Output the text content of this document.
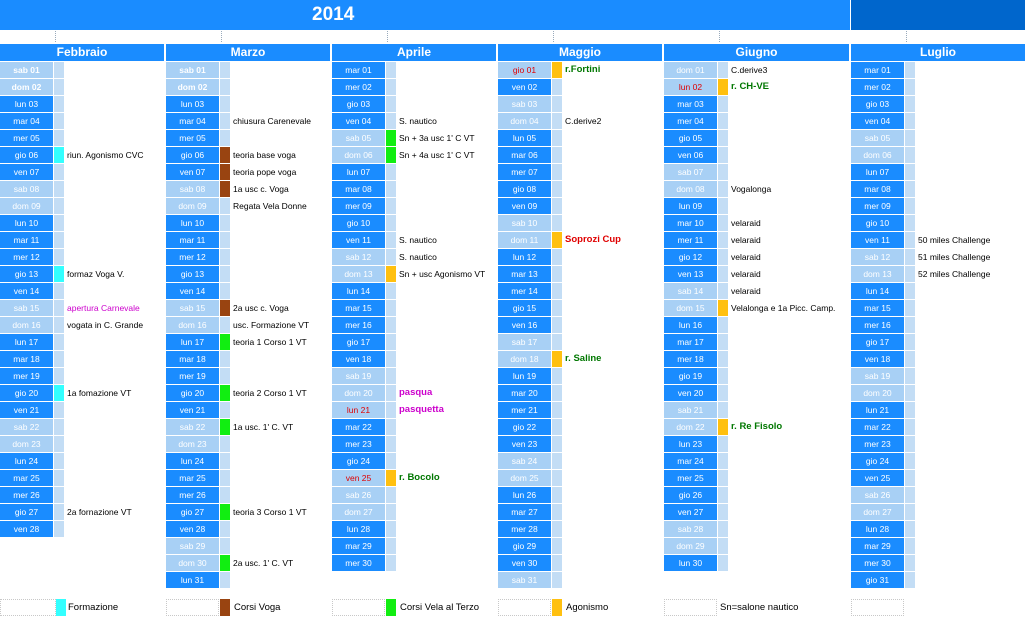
2014
Febbraio
sab 01
dom 02
lun 03
mar 04
mer 05
gio 06	riun. Agonismo CVC
ven 07
sab 08
dom 09
lun 10
mar 11
mer 12
gio 13	formaz Voga V.
ven 14
sab 15	apertura Carnevale
dom 16	vogata in C. Grande
lun 17
mar 18
mer 19
gio 20	1a fomazione VT
ven 21
sab 22
dom 23
lun 24
mar 25
mer 26
gio 27	2a fornazione VT
ven 28
Marzo
sab 01
dom 02
lun 03
mar 04	chiusura Carenevale
mer 05
gio 06	teoria base voga
ven 07	teoria pope voga
sab 08	1a usc c. Voga
dom 09	Regata Vela Donne
lun 10
mar 11
mer 12
gio 13
ven 14
sab 15	2a usc c. Voga
dom 16	usc. Formazione VT
lun 17	teoria 1 Corso 1 VT
mar 18
mer 19
gio 20	teoria 2 Corso 1 VT
ven 21
sab 22	1a usc. 1' C. VT
dom 23
lun 24
mar 25
mer 26
gio 27	teoria 3 Corso 1 VT
ven 28
sab 29
dom 30	2a usc. 1' C. VT
lun 31
Aprile
mar 01
mer 02
gio 03
ven 04	S. nautico
sab 05	Sn + 3a usc 1' C VT
dom 06	Sn + 4a usc 1' C VT
lun 07
mar 08
mer 09
gio 10
ven 11	S. nautico
sab 12	S. nautico
dom 13	Sn + usc Agonismo VT
lun 14
mar 15
mer 16
gio 17
ven 18
sab 19
dom 20	pasqua
lun 21	pasquetta
mar 22
mer 23
gio 24
ven 25	r. Bocolo
sab 26
dom 27
lun 28
mar 29
mer 30
Maggio
gio 01	r.Fortini
ven 02
sab 03
dom 04	C.derive2
lun 05
mar 06
mer 07
gio 08
ven 09
sab 10
dom 11	Soprozi Cup
lun 12
mar 13
mer 14
gio 15
ven 16
sab 17
dom 18	r. Saline
lun 19
mar 20
mer 21
gio 22
ven 23
sab 24
dom 25
lun 26
mar 27
mer 28
gio 29
ven 30
sab 31
Giugno
dom 01	C.derive3
lun 02	r. CH-VE
mar 03
mer 04
gio 05
ven 06
sab 07
dom 08	Vogalonga
lun 09
mar 10	velaraid
mer 11	velaraid
gio 12	velaraid
ven 13	velaraid
sab 14	velaraid
dom 15	Velalonga e 1a Picc. Camp.
lun 16
mar 17
mer 18
gio 19
ven 20
sab 21
dom 22	r. Re Fisolo
lun 23
mar 24
mer 25
gio 26
ven 27
sab 28
dom 29
lun 30
Luglio
mar 01
mer 02
gio 03
ven 04
sab 05
dom 06
lun 07
mar 08
mer 09
gio 10
ven 11	50 miles Challenge
sab 12	51 miles Challenge
dom 13	52 miles Challenge
lun 14
mar 15
mer 16
gio 17
ven 18
sab 19
dom 20
lun 21
mar 22
mer 23
gio 24
ven 25
sab 26
dom 27
lun 28
mar 29
mer 30
gio 31
Formazione	Corsi Voga	Corsi Vela al Terzo	Agonismo	Sn=salone nautico
